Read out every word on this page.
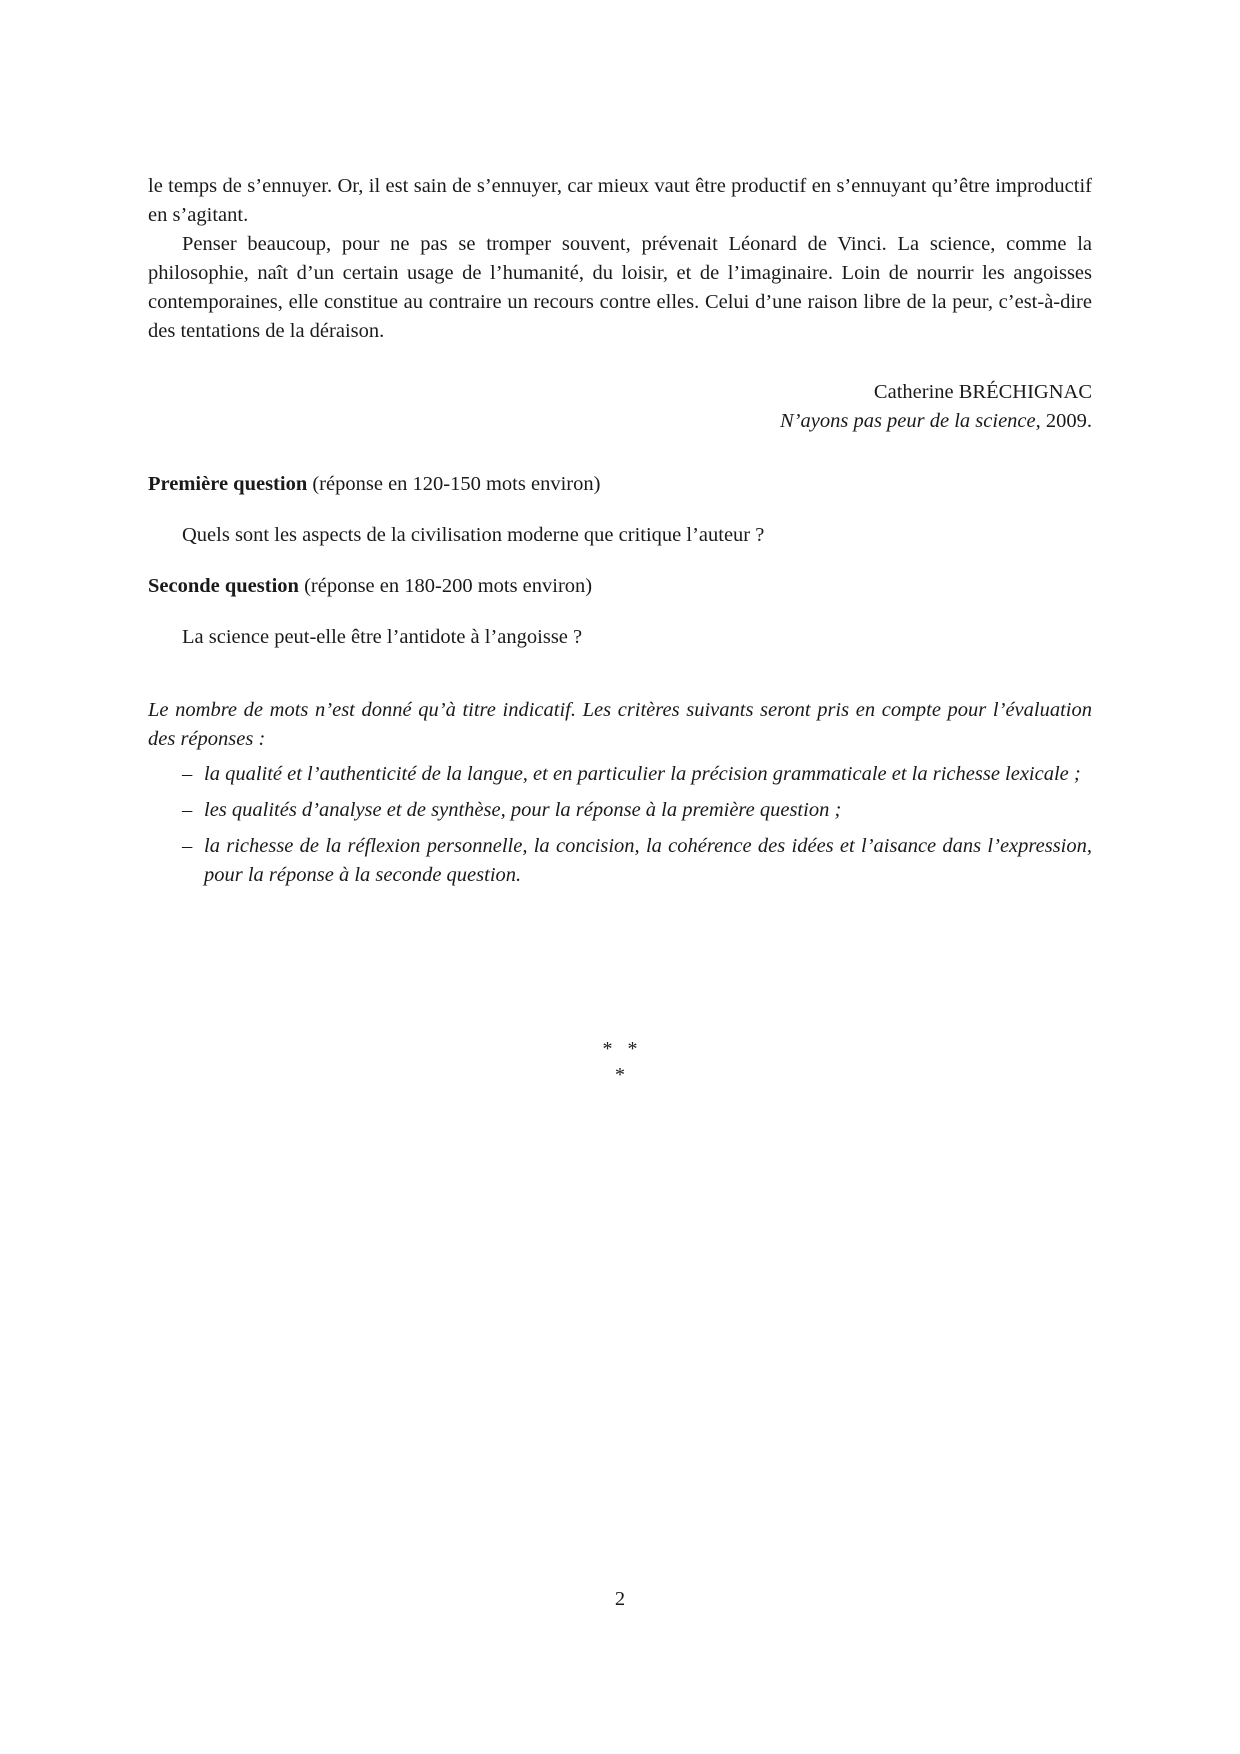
le temps de s’ennuyer. Or, il est sain de s’ennuyer, car mieux vaut être productif en s’ennuyant qu’être improductif en s’agitant.

Penser beaucoup, pour ne pas se tromper souvent, prévenait Léonard de Vinci. La science, comme la philosophie, naît d’un certain usage de l’humanité, du loisir, et de l’imaginaire. Loin de nourrir les angoisses contemporaines, elle constitue au contraire un recours contre elles. Celui d’une raison libre de la peur, c’est-à-dire des tentations de la déraison.

Catherine BRÉCHIGNAC
N’ayons pas peur de la science, 2009.

Première question (réponse en 120-150 mots environ)

Quels sont les aspects de la civilisation moderne que critique l’auteur ?

Seconde question (réponse en 180-200 mots environ)

La science peut-elle être l’antidote à l’angoisse ?

Le nombre de mots n’est donné qu’à titre indicatif. Les critères suivants seront pris en compte pour l’évaluation des réponses :

– la qualité et l’authenticité de la langue, et en particulier la précision grammaticale et la richesse lexicale ;
– les qualités d’analyse et de synthèse, pour la réponse à la première question ;
– la richesse de la réflexion personnelle, la concision, la cohérence des idées et l’aisance dans l’expression, pour la réponse à la seconde question.
*   *
*
2
